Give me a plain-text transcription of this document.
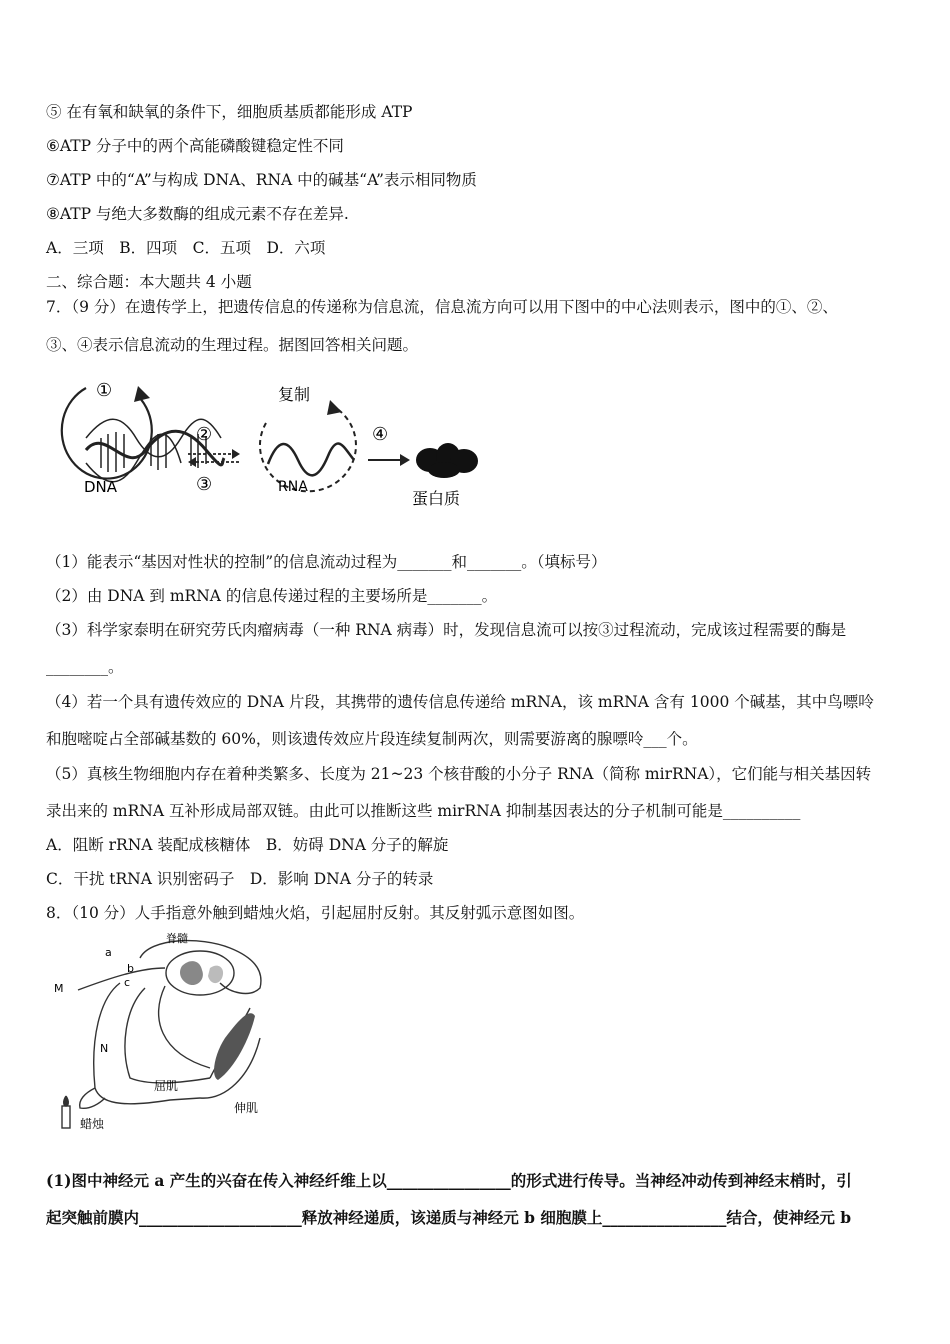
⑤ 在有氧和缺氧的条件下，细胞质基质都能形成 ATP
⑥ATP 分子中的两个高能磷酸键稳定性不同
⑦ATP 中的“A”与构成 DNA、RNA 中的碱基“A”表示相同物质
⑧ATP 与绝大多数酶的组成元素不存在差异.
A．三项　B．四项　C．五项　D．六项
二、综合题：本大题共 4 小题
7．（9 分）在遗传学上，把遗传信息的传递称为信息流，信息流方向可以用下图中的中心法则表示，图中的①、②、
③、④表示信息流动的生理过程。据图回答相关问题。
①
DNA
②
③
复制
RNA
④
蛋白质
（1）能表示“基因对性状的控制”的信息流动过程为_______和_______。（填标号）
（2）由 DNA 到 mRNA 的信息传递过程的主要场所是_______。
（3）科学家泰明在研究劳氏肉瘤病毒（一种 RNA 病毒）时，发现信息流可以按③过程流动，完成该过程需要的酶是
________。
（4）若一个具有遗传效应的 DNA 片段，其携带的遗传信息传递给 mRNA，该 mRNA 含有 1000 个碱基，其中鸟嘌呤
和胞嘧啶占全部碱基数的 60%，则该遗传效应片段连续复制两次，则需要游离的腺嘌呤___个。
（5）真核生物细胞内存在着种类繁多、长度为 21~23 个核苷酸的小分子 RNA（简称 mirRNA），它们能与相关基因转
录出来的 mRNA 互补形成局部双链。由此可以推断这些 mirRNA 抑制基因表达的分子机制可能是__________
A．阻断 rRNA 装配成核糖体　B．妨碍 DNA 分子的解旋
C．干扰 tRNA 识别密码子　D．影响 DNA 分子的转录
8．（10 分）人手指意外触到蜡烛火焰，引起屈肘反射。其反射弧示意图如图。
脊髓
a
b
c
M
N
屈肌
伸肌
蜡烛
(1)图中神经元 a 产生的兴奋在传入神经纤维上以________________的形式进行传导。当神经冲动传到神经末梢时，引
起突触前膜内_____________________释放神经递质，该递质与神经元 b 细胞膜上________________结合，使神经元 b
